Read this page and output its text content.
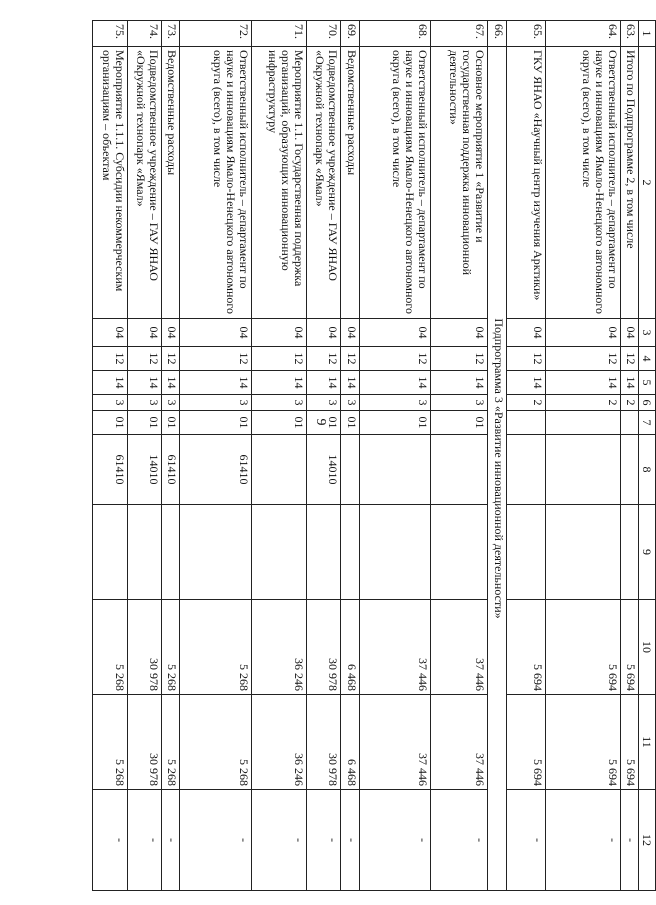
9
1	2	3	4	5	6	7	8	9	10	11	12
63.	Итого по Подпрограмме 2, в том числе	04	12	14	2				5 694	5 694	-
64.	Ответственный исполнитель – департамент по науке и инновациям Ямало-Ненецкого автономного округа (всего), в том числе	04	12	14	2				5 694	5 694	-
65.	ГКУ ЯНАО «Научный центр изучения Арктики»	04	12	14	2				5 694	5 694	-
66.	Подпрограмма 3 «Развитие инновационной деятельности»										
67.	Основное мероприятие 1 «Развитие и государственная поддержка инновационной деятельности»	04	12	14	3	01			37 446	37 446	-
68.	Ответственный исполнитель – департамент по науке и инновациям Ямало-Ненецкого автономного округа (всего), в том числе	04	12	14	3	01			37 446	37 446	-
69.	Ведомственные расходы	04	12	14	3	01			6 468	6 468	-
70.	Подведомственное учреждение – ГАУ ЯНАО «Окружной технопарк «Ямал»	04	12	14	3	01	14010		30 978	30 978	-
71.	Мероприятие 1.1. Государственная поддержка организаций, образующих инновационную инфраструктуру	04	12	14	3	01			36 246	36 246	-
72.	Ответственный исполнитель – департамент по науке и инновациям Ямало-Ненецкого автономного округа (всего), в том числе	04	12	14	3	01	61410		5 268	5 268	-
73.	Ведомственные расходы	04	12	14	3	01	61410		5 268	5 268	-
74.	Подведомственное учреждение – ГАУ ЯНАО «Окружной технопарк «Ямал»	04	12	14	3	01	14010		30 978	30 978	-
75.	Мероприятие 1.1.1. Субсидии некоммерческим организациям – объектам	04	12	14	3	01	61410		5 268	5 268	-
